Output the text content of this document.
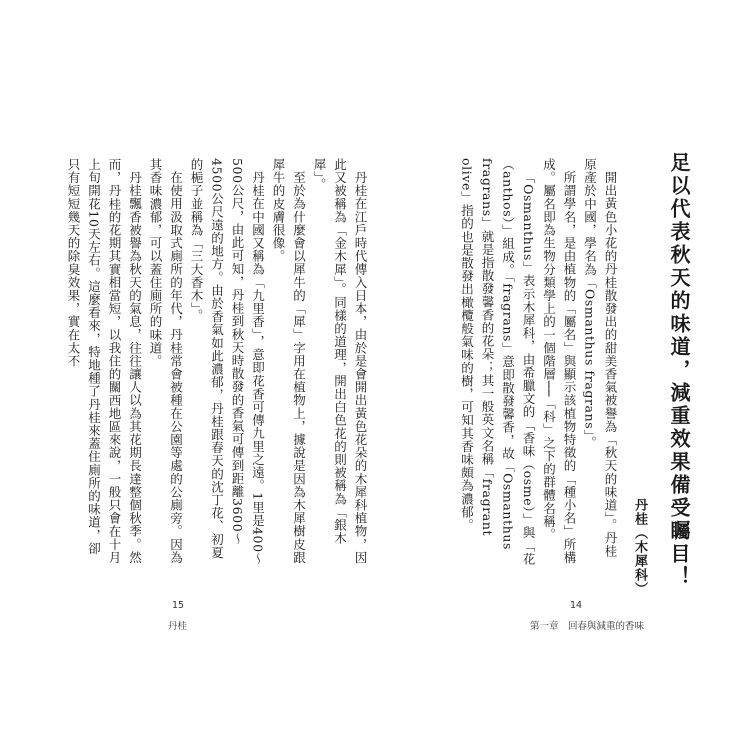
丹桂在江戶時代傳入日本，由於是會開出黃色花朵的木犀科植物，因此又被稱為「金木犀」。同樣的道理，開出白色花的則被稱為「銀木犀」。

至於為什麼會以犀牛的「犀」字用在植物上，據說是因為木犀樹皮跟犀牛的皮膚很像。

丹桂在中國又稱為「九里香」，意即花香可傳九里之遠。1里是400～500公尺，由此可知，丹桂到秋天時散發的香氣可傳到距離3600～4500公尺遠的地方。由於香氣如此濃郁，丹桂跟春天的沈丁花、初夏的梔子並稱為「三大香木」。

在使用汲取式廁所的年代，丹桂常會被種在公園等處的公廁旁。因為其香味濃郁，可以蓋住廁所的味道。

丹桂飄香被譽為秋天的氣息，往往讓人以為其花期長達整個秋季。然而，丹桂的花期其實相當短，以我住的關西地區來說，一般只會在十月上旬開花10天左右。這麼看來，特地種了丹桂來蓋住廁所的味道，卻只有短短幾天的除臭效果，實在太不

15
丹桂
足以代表秋天的味道，減重效果備受矚目！
丹桂（木犀科）

開出黃色小花的丹桂散發出的甜美香氣被譽為「秋天的味道」。丹桂原產於中國，學名為「Osmanthus fragrans」。

所謂學名，是由植物的「屬名」與顯示該植物特徵的「種小名」所構成。屬名即為生物分類學上的一個階層──「科」之下的群體名稱。

「Osmanthus」表示木犀科，由希臘文的「香味（osme）」與「花（anthos）」組成。「fragrans」意即散發馨香，故「Osmanthus fragrans」就是指散發馨香的花朵；其一般英文名稱「fragrant olive」指的也是散發出橄欖般氣味的樹，可知其香味頗為濃郁。

14
第一章　回春與減重的香味
